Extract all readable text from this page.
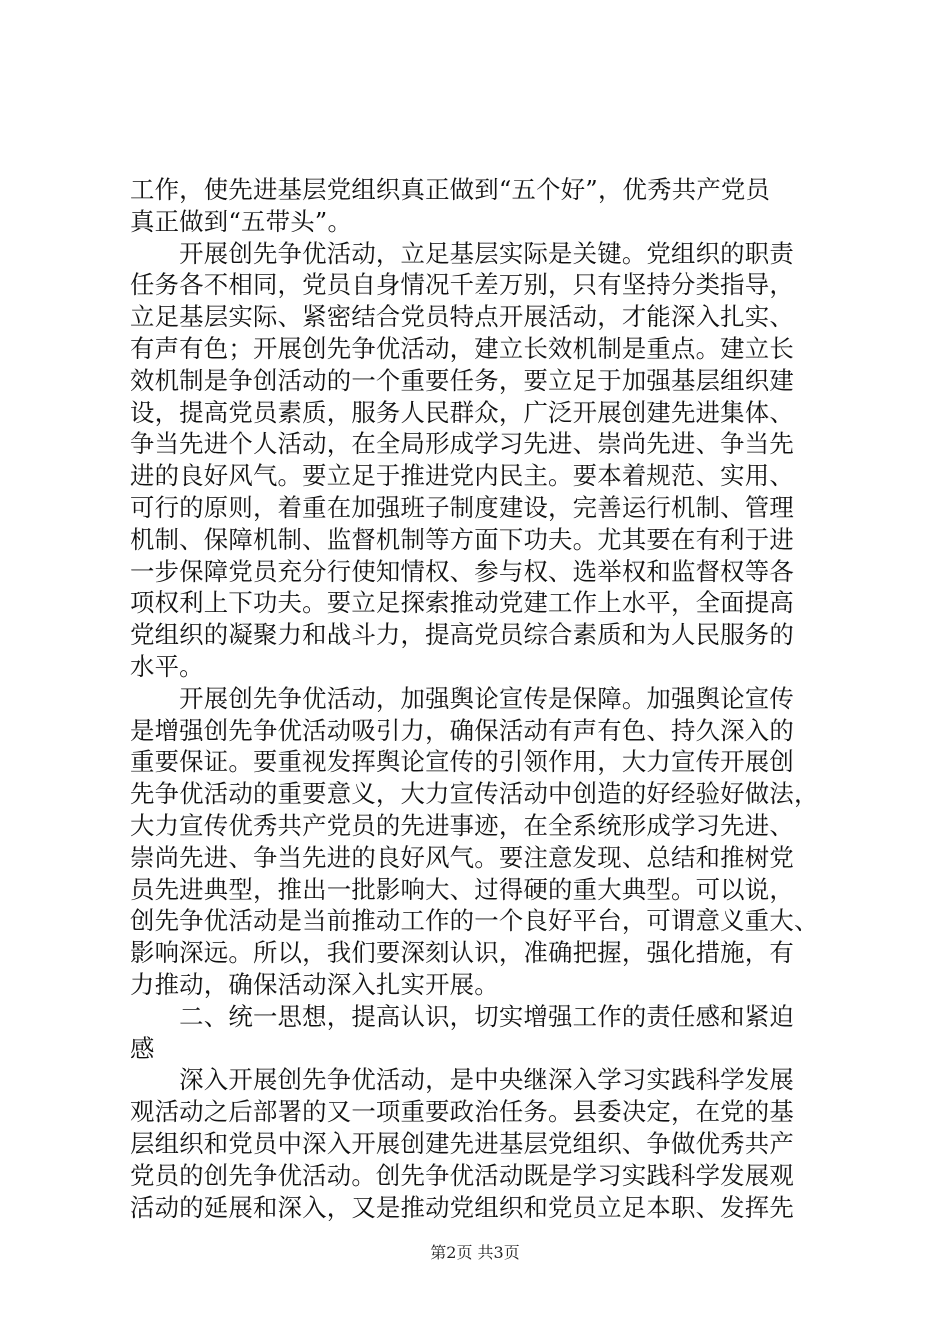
工作，使先进基层党组织真正做到“五个好”，优秀共产党员
真正做到“五带头”。
　　开展创先争优活动，立足基层实际是关键。党组织的职责
任务各不相同，党员自身情况千差万别，只有坚持分类指导，
立足基层实际、紧密结合党员特点开展活动，才能深入扎实、
有声有色；开展创先争优活动，建立长效机制是重点。建立长
效机制是争创活动的一个重要任务，要立足于加强基层组织建
设，提高党员素质，服务人民群众，广泛开展创建先进集体、
争当先进个人活动，在全局形成学习先进、崇尚先进、争当先
进的良好风气。要立足于推进党内民主。要本着规范、实用、
可行的原则，着重在加强班子制度建设，完善运行机制、管理
机制、保障机制、监督机制等方面下功夫。尤其要在有利于进
一步保障党员充分行使知情权、参与权、选举权和监督权等各
项权利上下功夫。要立足探索推动党建工作上水平，全面提高
党组织的凝聚力和战斗力，提高党员综合素质和为人民服务的
水平。
　　开展创先争优活动，加强舆论宣传是保障。加强舆论宣传
是增强创先争优活动吸引力，确保活动有声有色、持久深入的
重要保证。要重视发挥舆论宣传的引领作用，大力宣传开展创
先争优活动的重要意义，大力宣传活动中创造的好经验好做法，
大力宣传优秀共产党员的先进事迹，在全系统形成学习先进、
崇尚先进、争当先进的良好风气。要注意发现、总结和推树党
员先进典型，推出一批影响大、过得硬的重大典型。可以说，
创先争优活动是当前推动工作的一个良好平台，可谓意义重大、
影响深远。所以，我们要深刻认识，准确把握，强化措施，有
力推动，确保活动深入扎实开展。
　　二、统一思想，提高认识，切实增强工作的责任感和紧迫
感
　　深入开展创先争优活动，是中央继深入学习实践科学发展
观活动之后部署的又一项重要政治任务。县委决定，在党的基
层组织和党员中深入开展创建先进基层党组织、争做优秀共产
党员的创先争优活动。创先争优活动既是学习实践科学发展观
活动的延展和深入，又是推动党组织和党员立足本职、发挥先
第2页 共3页
